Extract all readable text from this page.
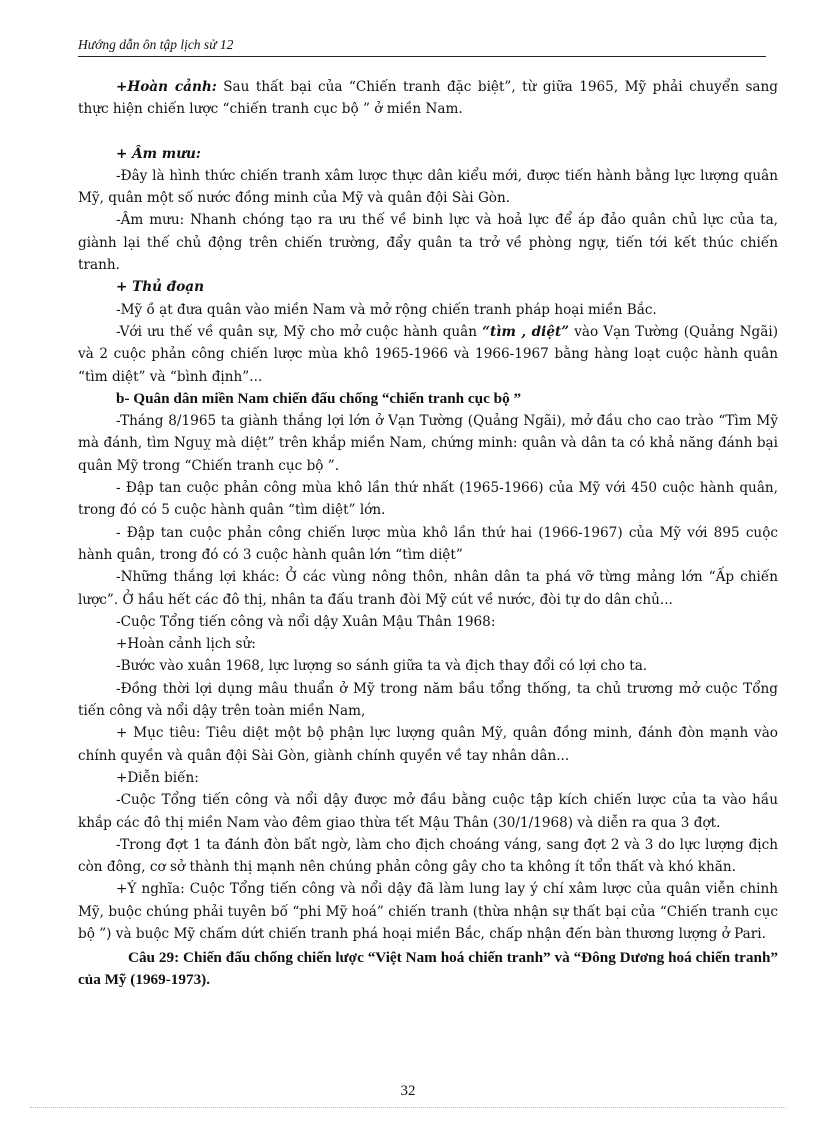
Hướng dẫn ôn tập lịch sử 12

+Hoàn cảnh: Sau thất bại của “Chiến tranh đặc biệt”, từ giữa 1965, Mỹ phải chuyển sang thực hiện chiến lược “chiến tranh cục bộ ” ở miền Nam.

+ Âm mưu:

-Đây là hình thức chiến tranh xâm lược thực dân kiểu mới, được tiến hành bằng lực lượng quân Mỹ, quân một số nước đồng minh của Mỹ và quân đội Sài Gòn.

-Âm mưu: Nhanh chóng tạo ra ưu thế về binh lực và hoả lực để áp đảo quân chủ lực của ta, giành lại thế chủ động trên chiến trường, đẩy quân ta trở về phòng ngự, tiến tới kết thúc chiến tranh.

+ Thủ đoạn

-Mỹ ồ ạt đưa quân vào miền Nam và mở rộng chiến tranh pháp hoại miền Bắc.

-Với ưu thế về quân sự, Mỹ cho mở cuộc hành quân “tìm , diệt” vào Vạn Tường (Quảng Ngãi) và 2 cuộc phản công chiến lược mùa khô 1965-1966 và 1966-1967 bằng hàng loạt cuộc hành quân “tìm diệt” và “bình định”...

b- Quân dân miền Nam chiến đấu chống “chiến tranh cục bộ ”

-Tháng 8/1965 ta giành thắng lợi lớn ở Vạn Tường (Quảng Ngãi), mở đầu cho cao trào “Tìm Mỹ mà đánh, tìm Nguỵ mà diệt” trên khắp miền Nam, chứng minh: quân và dân ta có khả năng đánh bại quân Mỹ trong “Chiến tranh cục bộ ”.

- Đập tan cuộc phản công mùa khô lần thứ nhất (1965-1966) của Mỹ với 450 cuộc hành quân, trong đó có 5 cuộc hành quân “tìm diệt” lớn.

- Đập tan cuộc phản công chiến lược mùa khô lần thứ hai (1966-1967) của Mỹ với 895 cuộc hành quân, trong đó có 3 cuộc hành quân lớn “tìm diệt”

-Những thắng lợi khác: Ở các vùng nông thôn, nhân dân ta phá vỡ từng mảng lớn “Ấp chiến lược”. Ở hầu hết các đô thị, nhân ta đấu tranh đòi Mỹ cút về nước, đòi tự do dân chủ...

-Cuộc Tổng tiến công và nổi dậy Xuân Mậu Thân 1968:

+Hoàn cảnh lịch sử:

-Bước vào xuân 1968, lực lượng so sánh giữa ta và địch thay đổi có lợi cho ta.

-Đồng thời lợi dụng mâu thuẩn ở Mỹ trong năm bầu tổng thống, ta chủ trương mở cuộc Tổng tiến công và nổi dậy trên toàn miền Nam,

+ Mục tiêu: Tiêu diệt một bộ phận lực lượng quân Mỹ, quân đồng minh, đánh đòn mạnh vào chính quyền và quân đội Sài Gòn, giành chính quyền về tay nhân dân...

+Diễn biến:

-Cuộc Tổng tiến công và nổi dậy được mở đầu bằng cuộc tập kích chiến lược của ta vào hầu khắp các đô thị miền Nam vào đêm giao thừa tết Mậu Thân (30/1/1968) và diễn ra qua 3 đợt.

-Trong đợt 1 ta đánh đòn bất ngờ, làm cho địch choáng váng, sang đợt 2 và 3 do lực lượng địch còn đông, cơ sở thành thị mạnh nên chúng phản công gây cho ta không ít tổn thất và khó khăn.

+Ý nghĩa: Cuộc Tổng tiến công và nổi dậy đã làm lung lay ý chí xâm lược của quân viễn chinh Mỹ, buộc chúng phải tuyên bố “phi Mỹ hoá” chiến tranh (thừa nhận sự thất bại của “Chiến tranh cục bộ ”) và buộc Mỹ chấm dứt chiến tranh phá hoại miền Bắc, chấp nhận đến bàn thương lượng ở Pari.

Câu 29: Chiến đấu chống chiến lược “Việt Nam hoá chiến tranh” và “Đông Dương hoá chiến tranh” của Mỹ (1969-1973).

32
